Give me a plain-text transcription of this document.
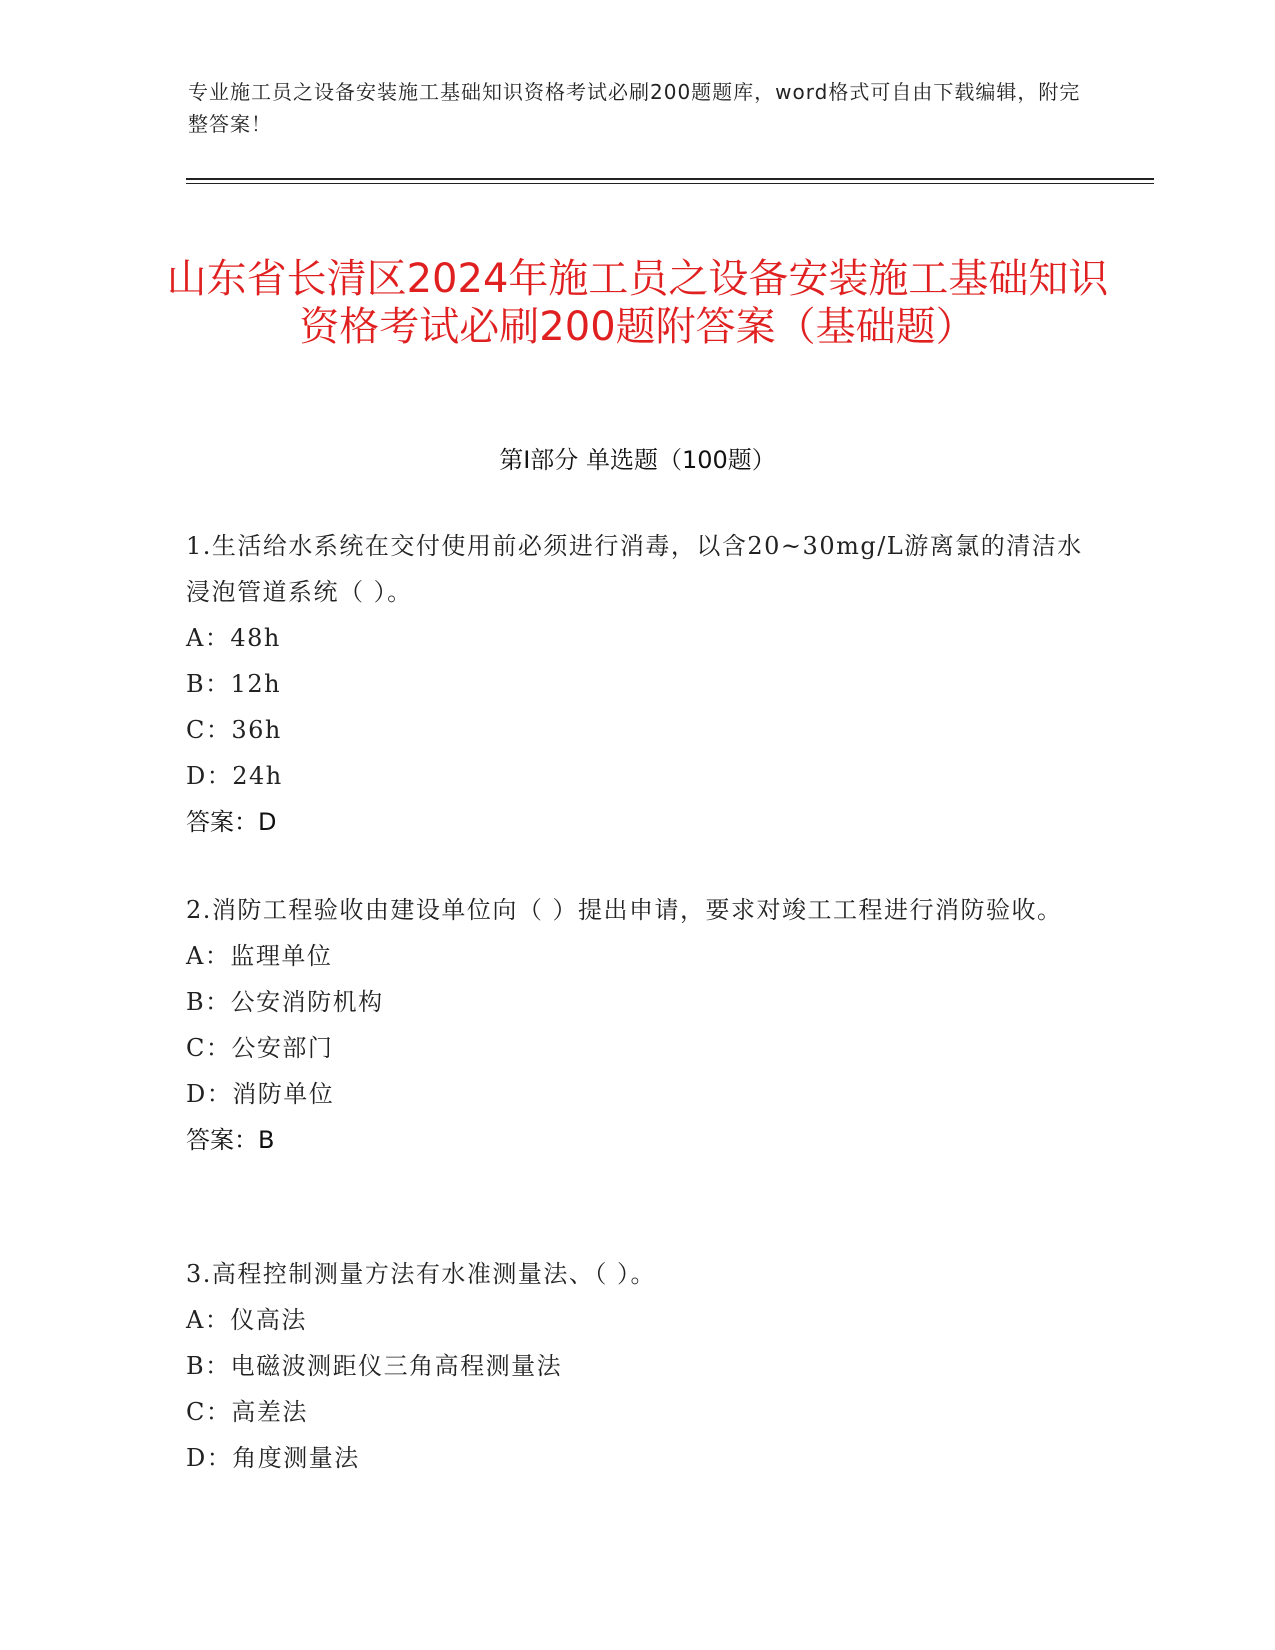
专业施工员之设备安装施工基础知识资格考试必刷200题题库，word格式可自由下载编辑，附完整答案！
山东省长清区2024年施工员之设备安装施工基础知识资格考试必刷200题附答案（基础题）
第Ⅰ部分 单选题（100题）
1.生活给水系统在交付使用前必须进行消毒，以含20~30mg/L游离氯的清洁水浸泡管道系统（ ）。
A：48h
B：12h
C：36h
D：24h
答案：D
2.消防工程验收由建设单位向（ ）提出申请，要求对竣工工程进行消防验收。
A：监理单位
B：公安消防机构
C：公安部门
D：消防单位
答案：B
3.高程控制测量方法有水准测量法、（ ）。
A：仪高法
B：电磁波测距仪三角高程测量法
C：高差法
D：角度测量法
